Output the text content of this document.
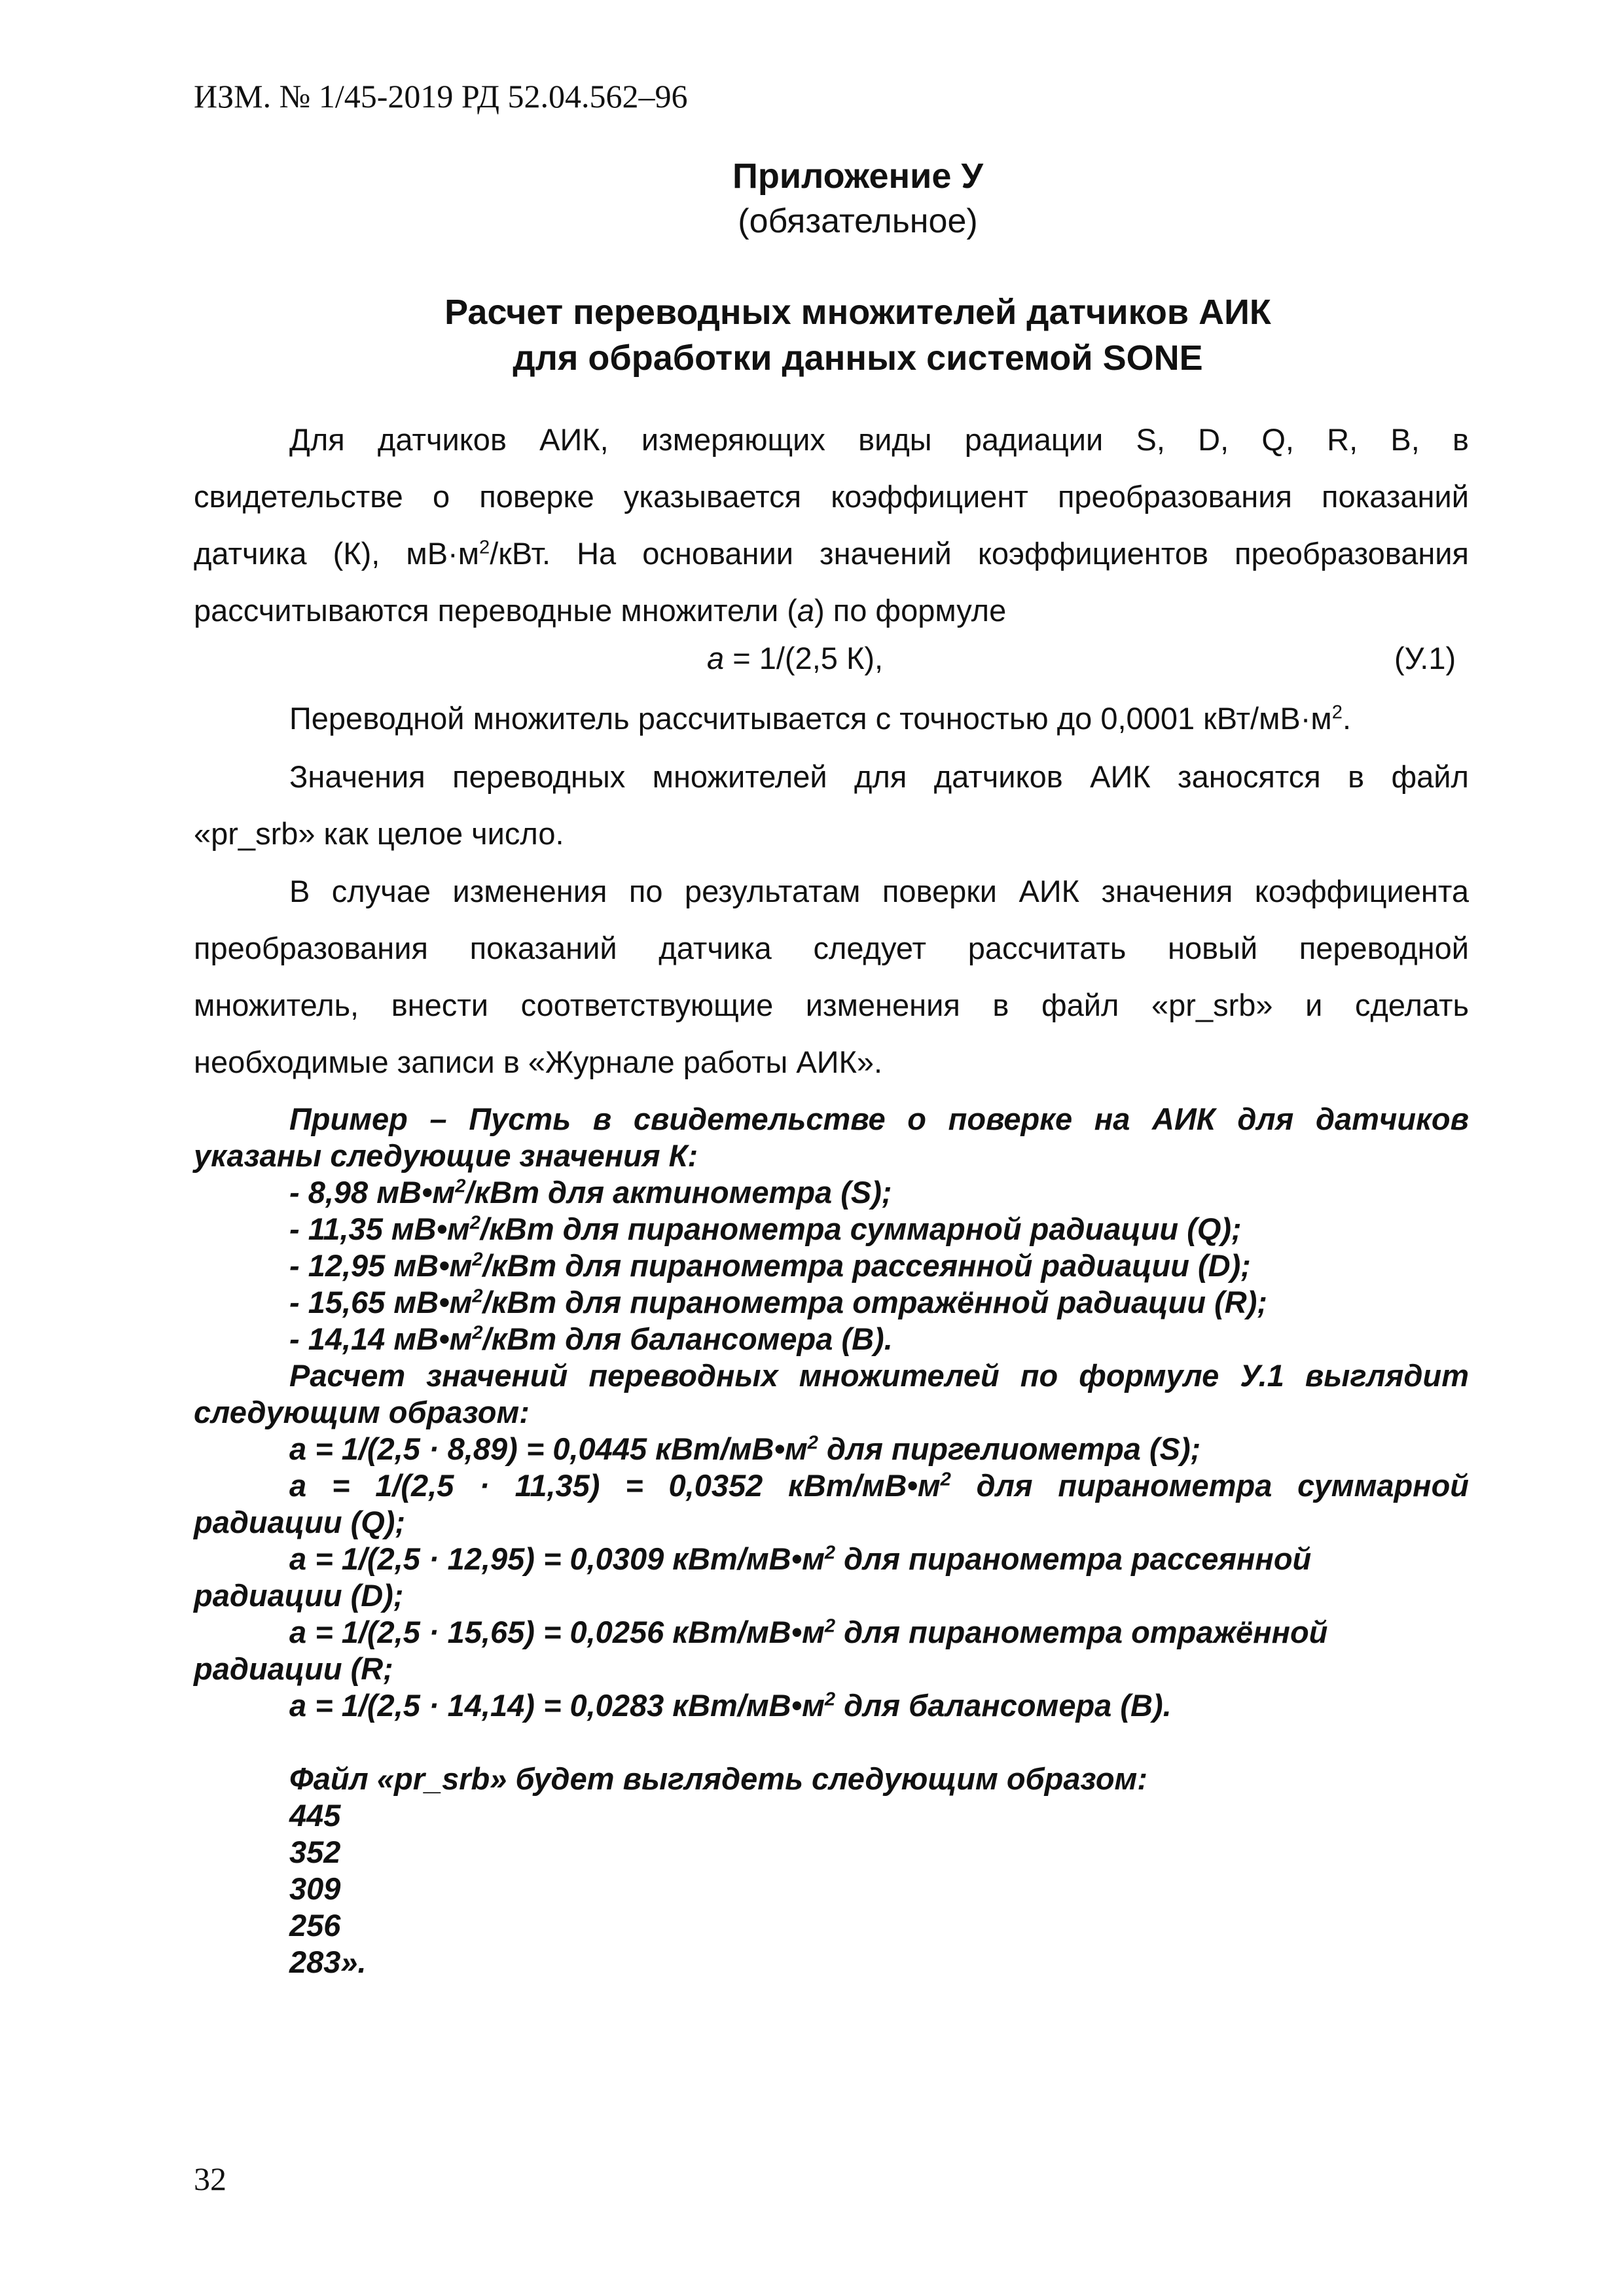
ИЗМ. № 1/45-2019 РД 52.04.562–96
Приложение У
(обязательное)
Расчет переводных множителей датчиков АИК
для обработки данных системой SONE
Для датчиков АИК, измеряющих виды радиации S, D, Q, R, B, в
свидетельстве о поверке указывается коэффициент преобразования показаний
датчика (К), $мВ\cdot м^2$/кВт. На основании значений коэффициентов преобразования
рассчитываются переводные множители (a) по формуле
a = 1/(2,5 К),	(У.1)
Переводной множитель рассчитывается с точностью до 0,0001 кВт/$мВ\cdot м^2$.
Значения переводных множителей для датчиков АИК заносятся в файл
«pr_srb» как целое число.
В случае изменения по результатам поверки АИК значения коэффициента
преобразования показаний датчика следует рассчитать новый переводной
множитель, внести соответствующие изменения в файл «pr_srb» и сделать
необходимые записи в «Журнале работы АИК».
Пример – Пусть в свидетельстве о поверке на АИК для датчиков
указаны следующие значения К:
- 8,98 $мВ•м^2$/кВт для актинометра (S);
- 11,35 $мВ•м^2$/кВт для пиранометра суммарной радиации (Q);
- 12,95 $мВ•м^2$/кВт для пиранометра рассеянной радиации (D);
- 15,65 $мВ•м^2$/кВт для пиранометра отражённой радиации (R);
- 14,14 $мВ•м^2$/кВт для балансомера (В).
Расчет значений переводных множителей по формуле У.1 выглядит
следующим образом:
a = 1/(2,5 · 8,89) = 0,0445 кВт/$мВ•м^2$ для пиргелиометра (S);
a = 1/(2,5 · 11,35) = 0,0352 кВт/$мВ•м^2$ для пиранометра суммарной
радиации (Q);
a = 1/(2,5 · 12,95) = 0,0309 кВт/$мВ•м^2$ для пиранометра рассеянной
радиации (D);
a = 1/(2,5 · 15,65) = 0,0256 кВт/$мВ•м^2$ для пиранометра отражённой
радиации (R;
a = 1/(2,5 · 14,14) = 0,0283 кВт/$мВ•м^2$ для балансомера (В).
Файл «pr_srb» будет выглядеть следующим образом:
445
352
309
256
283».
32
